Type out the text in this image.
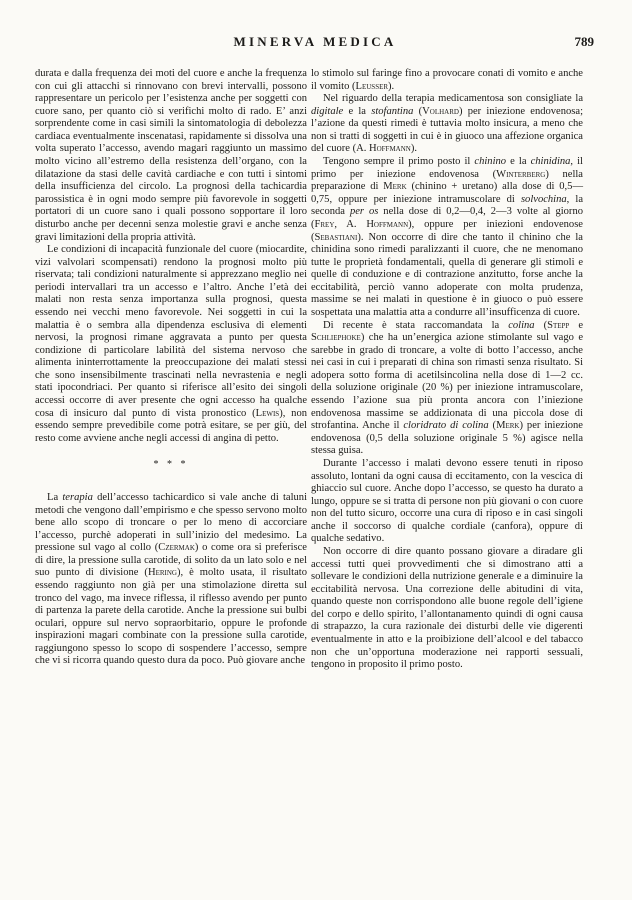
MINERVA MEDICA	789

durata e dalla frequenza dei moti del cuore e anche la frequenza con cui gli attacchi si rinnovano con brevi intervalli, possono rappresentare un pericolo per l’esistenza anche per soggetti con cuore sano, per quanto ciò si verifichi molto di rado. E’ anzi sorprendente come in casi simili la sintomatologia di debolezza cardiaca eventualmente inscenatasi, rapidamente si dissolva una volta superato l’accesso, avendo magari raggiunto un massimo molto vicino all’estremo della resistenza dell’organo, con la dilatazione da stasi delle cavità cardiache e con tutti i sintomi della insufficienza del circolo. La prognosi della tachicardia parossistica è in ogni modo sempre più favorevole in soggetti portatori di un cuore sano i quali possono sopportare il loro disturbo anche per decenni senza molestie gravi e anche senza gravi limitazioni della propria attività.

Le condizioni di incapacità funzionale del cuore (miocardite, vizi valvolari scompensati) rendono la prognosi molto più riservata; tali condizioni naturalmente si apprezzano meglio nei periodi intervallari tra un accesso e l’altro. Anche l’età dei malati non resta senza importanza sulla prognosi, questa essendo nei vecchi meno favorevole. Nei soggetti in cui la malattia è o sembra alla dipendenza esclusiva di elementi nervosi, la prognosi rimane aggravata a punto per questa condizione di particolare labilità del sistema nervoso che alimenta ininterrottamente la preoccupazione dei malati stessi che sono insensibilmente trascinati nella nevrastenia e negli stati ipocondriaci. Per quanto si riferisce all’esito dei singoli accessi occorre di aver presente che ogni accesso ha qualche cosa di insicuro dal punto di vista pronostico (Lewis), non essendo sempre prevedibile come potrà esitare, se per giù, del resto come avviene anche negli accessi di angina di petto.

* * *

La terapia dell’accesso tachicardico si vale anche di taluni metodi che vengono dall’empirismo e che spesso servono molto bene allo scopo di troncare o per lo meno di accorciare l’accesso, purchè adoperati in sull’inizio del medesimo. La pressione sul vago al collo (Czermak) o come ora si preferisce di dire, la pressione sulla carotide, di solito da un lato solo e nel suo punto di divisione (Hering), è molto usata, il risultato essendo raggiunto non già per una stimolazione diretta sul tronco del vago, ma invece riflessa, il riflesso avendo per punto di partenza la parete della carotide. Anche la pressione sui bulbi oculari, oppure sul nervo sopraorbitario, oppure le profonde inspirazioni magari combinate con la pressione sulla carotide, raggiungono spesso lo scopo di sospendere l’accesso, sempre che vi si ricorra quando questo dura da poco. Può giovare anche

lo stimolo sul faringe fino a provocare conati di vomito e anche il vomito (Leusser).

Nel riguardo della terapia medicamentosa son consigliate la digitale e la stofantina (Volhard) per iniezione endovenosa; l’azione da questi rimedi è tuttavia molto insicura, a meno che non si tratti di soggetti in cui è in giuoco una affezione organica del cuore (A. Hoffmann).

Tengono sempre il primo posto il chinino e la chinidina, il primo per iniezione endovenosa (Winterberg) nella preparazione di Merk (chinino + uretano) alla dose di 0,5—0,75, oppure per iniezione intramuscolare di solvochina, la seconda per os nella dose di 0,2—0,4, 2—3 volte al giorno (Frey, A. Hoffmann), oppure per iniezioni endovenose (Sebastiani). Non occorre di dire che tanto il chinino che la chinidina sono rimedi paralizzanti il cuore, che ne menomano tutte le proprietà fondamentali, quella di generare gli stimoli e quelle di conduzione e di contrazione anzitutto, forse anche la eccitabilità, perciò vanno adoperate con molta prudenza, massime se nei malati in questione è in giuoco o può essere sospettata una malattia atta a condurre all’insufficenza di cuore.

Di recente è stata raccomandata la colina (Stepp e Schliephoke) che ha un’energica azione stimolante sul vago e sarebbe in grado di troncare, a volte di botto l’accesso, anche nei casi in cui i preparati di china son rimasti senza risultato. Si adopera sotto forma di acetilsincolina nella dose di 1—2 cc. della soluzione originale (20 %) per iniezione intramuscolare, essendo l’azione sua più pronta ancora con l’iniezione endovenosa massime se addizionata di una piccola dose di strofantina. Anche il cloridrato di colina (Merk) per iniezione endovenosa (0,5 della soluzione originale 5 %) agisce nella stessa guisa.

Durante l’accesso i malati devono essere tenuti in riposo assoluto, lontani da ogni causa di eccitamento, con la vescica di ghiaccio sul cuore. Anche dopo l’accesso, se questo ha durato a lungo, oppure se si tratta di persone non più giovani o con cuore non del tutto sicuro, occorre una cura di riposo e in casi singoli anche il soccorso di qualche cordiale (canfora), oppure di qualche sedativo.

Non occorre di dire quanto possano giovare a diradare gli accessi tutti quei provvedimenti che si dimostrano atti a sollevare le condizioni della nutrizione generale e a diminuire la eccitabilità nervosa. Una correzione delle abitudini di vita, quando queste non corrispondono alle buone regole dell’igiene del corpo e dello spirito, l’allontanamento quindi di ogni causa di strapazzo, la cura razionale dei disturbi delle vie digerenti eventualmente in atto e la proibizione dell’alcool e del tabacco non che un’opportuna moderazione nei rapporti sessuali, tengono in proposito il primo posto.
